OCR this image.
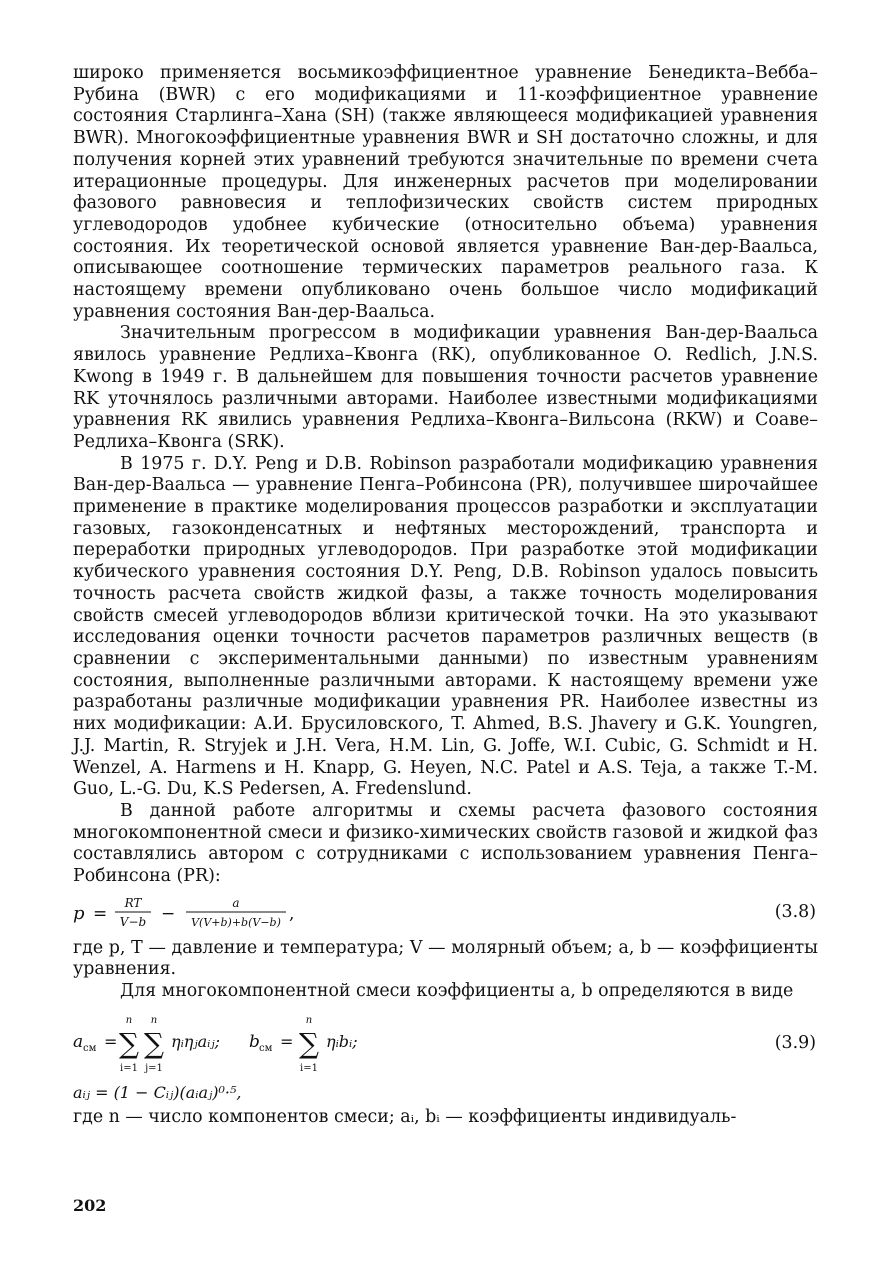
широко применяется восьмикоэффициентное уравнение Бенедикта–Вебба–Рубина (BWR) с его модификациями и 11-коэффициентное уравнение состояния Старлинга–Хана (SH) (также являющееся модификацией уравнения BWR). Многокоэффициентные уравнения BWR и SH достаточно сложны, и для получения корней этих уравнений требуются значительные по времени счета итерационные процедуры. Для инженерных расчетов при моделировании фазового равновесия и теплофизических свойств систем природных углеводородов удобнее кубические (относительно объема) уравнения состояния. Их теоретической основой является уравнение Ван-дер-Ваальса, описывающее соотношение термических параметров реального газа. К настоящему времени опубликовано очень большое число модификаций уравнения состояния Ван-дер-Ваальса.

Значительным прогрессом в модификации уравнения Ван-дер-Ваальса явилось уравнение Редлиха–Квонга (RK), опубликованное O. Redlich, J.N.S. Kwong в 1949 г. В дальнейшем для повышения точности расчетов уравнение RK уточнялось различными авторами. Наиболее известными модификациями уравнения RK явились уравнения Редлиха–Квонга–Вильсона (RKW) и Соаве–Редлиха–Квонга (SRK).

В 1975 г. D.Y. Peng и D.B. Robinson разработали модификацию уравнения Ван-дер-Ваальса — уравнение Пенга–Робинсона (PR), получившее широчайшее применение в практике моделирования процессов разработки и эксплуатации газовых, газоконденсатных и нефтяных месторождений, транспорта и переработки природных углеводородов. При разработке этой модификации кубического уравнения состояния D.Y. Peng, D.B. Robinson удалось повысить точность расчета свойств жидкой фазы, а также точность моделирования свойств смесей углеводородов вблизи критической точки. На это указывают исследования оценки точности расчетов параметров различных веществ (в сравнении с экспериментальными данными) по известным уравнениям состояния, выполненные различными авторами. К настоящему времени уже разработаны различные модификации уравнения PR. Наиболее известны из них модификации: А.И. Брусиловского, T. Ahmed, B.S. Jhavery и G.K. Youngren, J.J. Martin, R. Stryjek и J.H. Vera, H.M. Lin, G. Joffe, W.I. Cubic, G. Schmidt и H. Wenzel, A. Harmens и H. Knapp, G. Heyen, N.C. Patel и A.S. Teja, а также T.-M. Guo, L.-G. Du, K.S Pedersen, A. Fredenslund.

В данной работе алгоритмы и схемы расчета фазового состояния многокомпонентной смеси и физико-химических свойств газовой и жидкой фаз составлялись автором с сотрудниками с использованием уравнения Пенга–Робинсона (PR):

p =
RT
V−b −
a
V(V+b)+b(V−b) ,	(3.8)

где p, T — давление и температура; V — молярный объем; a, b — коэффициенты уравнения.

Для многокомпонентной смеси коэффициенты a, b определяются в виде

a см =
n
∑
i=1
n
∑
j=1
ηᵢηⱼaᵢⱼ; b см =
n
∑
i=1
ηᵢbᵢ;	(3.9)
aᵢⱼ = (1 − Cᵢⱼ)(aᵢaⱼ)⁰·⁵,

где n — число компонентов смеси; aᵢ, bᵢ — коэффициенты индивидуаль-

202
